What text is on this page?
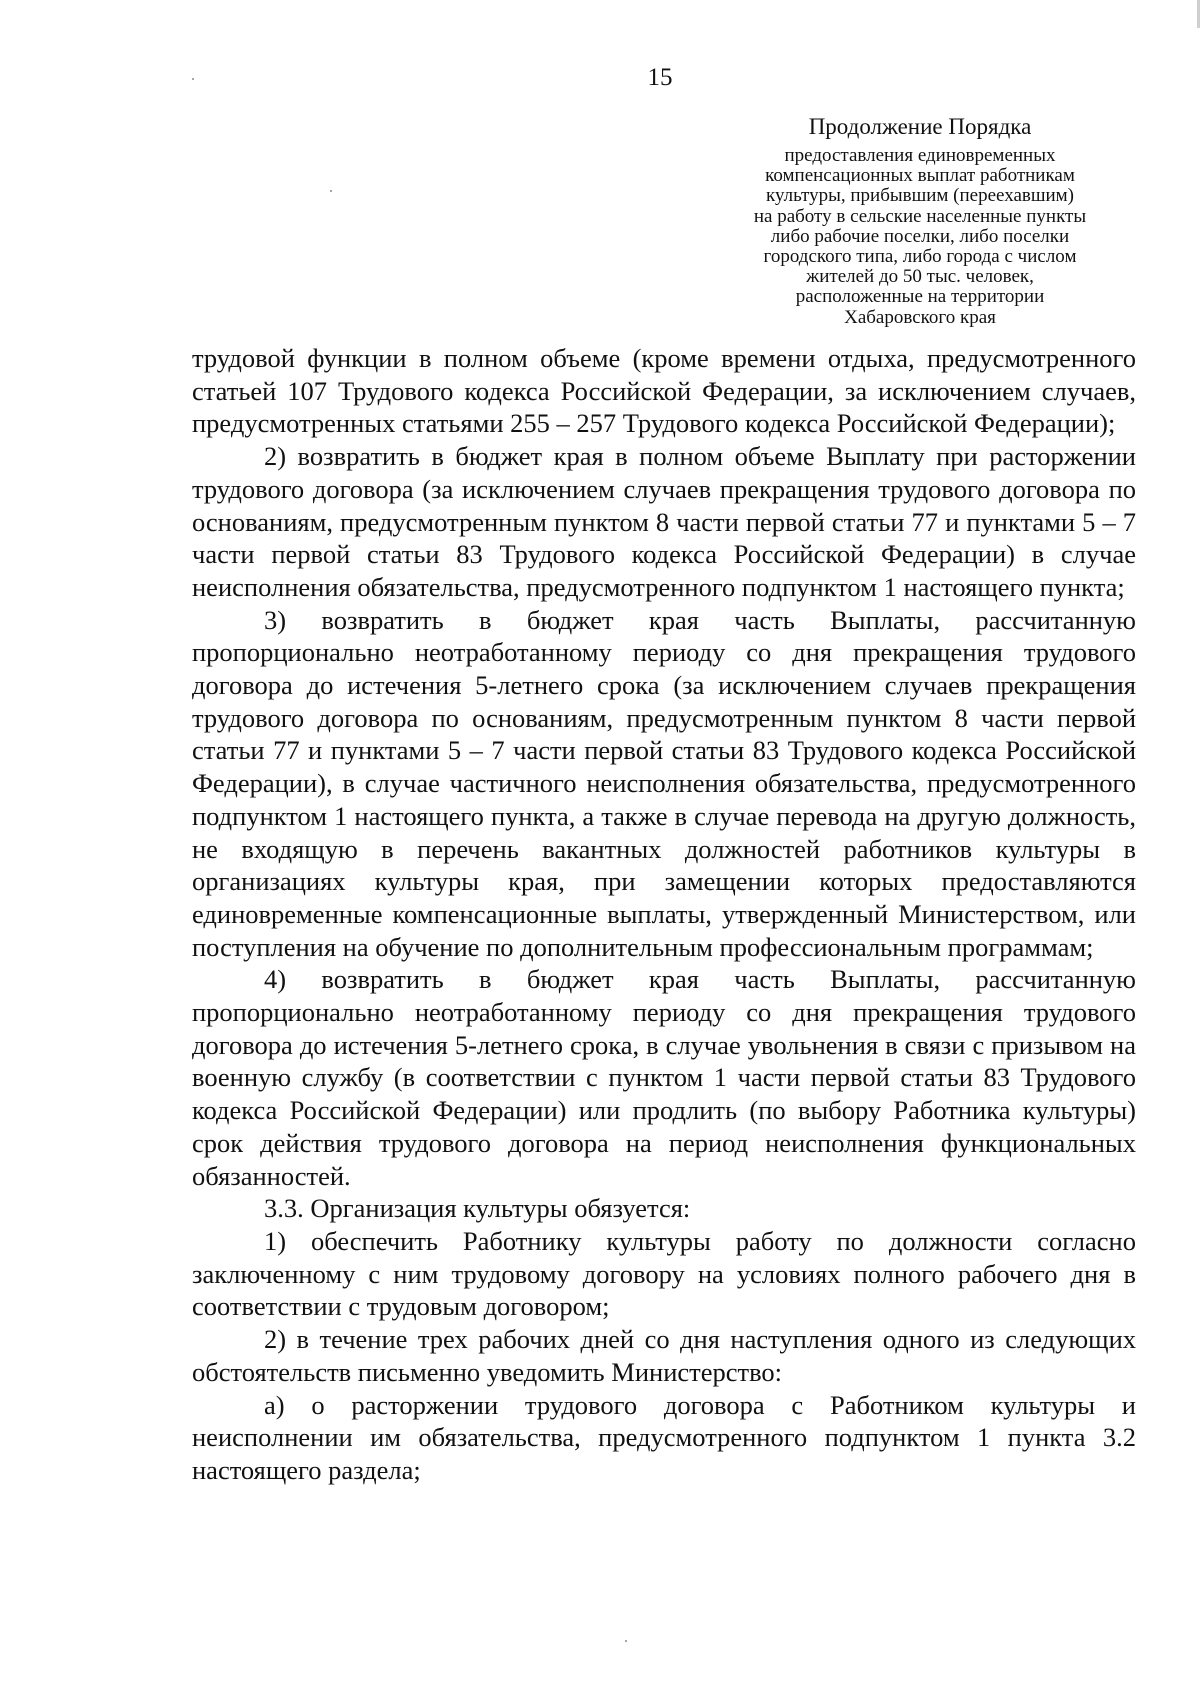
15
Продолжение Порядка
предоставления единовременных
компенсационных выплат работникам
культуры, прибывшим (переехавшим)
на работу в сельские населенные пункты
либо рабочие поселки, либо поселки
городского типа, либо города с числом
жителей до 50 тыс. человек,
расположенные на территории
Хабаровского края

трудовой функции в полном объеме (кроме времени отдыха, предусмотренного статьей 107 Трудового кодекса Российской Федерации, за исключением случаев, предусмотренных статьями 255 – 257 Трудового кодекса Российской Федерации);

2) возвратить в бюджет края в полном объеме Выплату при расторжении трудового договора (за исключением случаев прекращения трудового договора по основаниям, предусмотренным пунктом 8 части первой статьи 77 и пунктами 5 – 7 части первой статьи 83 Трудового кодекса Российской Федерации) в случае неисполнения обязательства, предусмотренного подпунктом 1 настоящего пункта;

3) возвратить в бюджет края часть Выплаты, рассчитанную пропорционально неотработанному периоду со дня прекращения трудового договора до истечения 5-летнего срока (за исключением случаев прекращения трудового договора по основаниям, предусмотренным пунктом 8 части первой статьи 77 и пунктами 5 – 7 части первой статьи 83 Трудового кодекса Российской Федерации), в случае частичного неисполнения обязательства, предусмотренного подпунктом 1 настоящего пункта, а также в случае перевода на другую должность, не входящую в перечень вакантных должностей работников культуры в организациях культуры края, при замещении которых предоставляются единовременные компенсационные выплаты, утвержденный Министерством, или поступления на обучение по дополнительным профессиональным программам;

4) возвратить в бюджет края часть Выплаты, рассчитанную пропорционально неотработанному периоду со дня прекращения трудового договора до истечения 5-летнего срока, в случае увольнения в связи с призывом на военную службу (в соответствии с пунктом 1 части первой статьи 83 Трудового кодекса Российской Федерации) или продлить (по выбору Работника культуры) срок действия трудового договора на период неисполнения функциональных обязанностей.

3.3. Организация культуры обязуется:

1) обеспечить Работнику культуры работу по должности согласно заключенному с ним трудовому договору на условиях полного рабочего дня в соответствии с трудовым договором;

2) в течение трех рабочих дней со дня наступления одного из следующих обстоятельств письменно уведомить Министерство:

а) о расторжении трудового договора с Работником культуры и неисполнении им обязательства, предусмотренного подпунктом 1 пункта 3.2 настоящего раздела;
